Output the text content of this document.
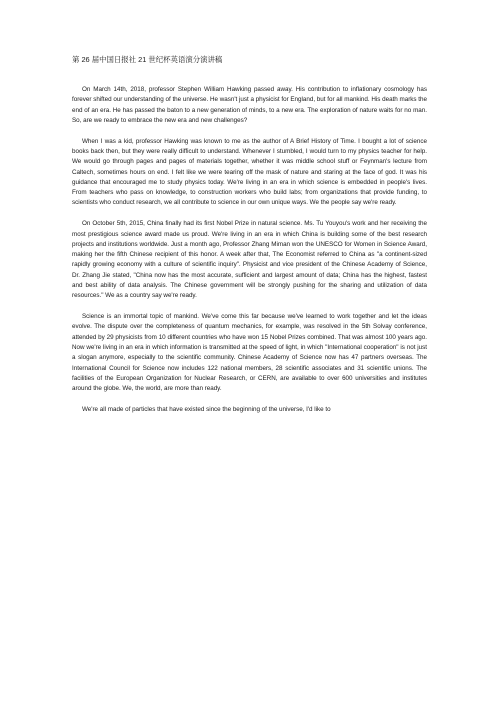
第 26 届中国日报社 21 世纪杯英语演分演讲稿

On March 14th, 2018, professor Stephen William Hawking passed away. His contribution to inflationary cosmology has forever shifted our understanding of the universe. He wasn't just a physicist for England, but for all mankind. His death marks the end of an era. He has passed the baton to a new generation of minds, to a new era. The exploration of nature waits for no man. So, are we ready to embrace the new era and new challenges?

When I was a kid, professor Hawking was known to me as the author of A Brief History of Time. I bought a lot of science books back then, but they were really difficult to understand. Whenever I stumbled, I would turn to my physics teacher for help. We would go through pages and pages of materials together, whether it was middle school stuff or Feynman's lecture from Caltech, sometimes hours on end. I felt like we were tearing off the mask of nature and staring at the face of god. It was his guidance that encouraged me to study physics today. We're living in an era in which science is embedded in people's lives. From teachers who pass on knowledge, to construction workers who build labs; from organizations that provide funding, to scientists who conduct research, we all contribute to science in our own unique ways. We the people say we're ready.

On October 5th, 2015, China finally had its first Nobel Prize in natural science. Ms. Tu Youyou's work and her receiving the most prestigious science award made us proud. We're living in an era in which China is building some of the best research projects and institutions worldwide. Just a month ago, Professor Zhang Miman won the UNESCO for Women in Science Award, making her the fifth Chinese recipient of this honor. A week after that, The Economist referred to China as "a continent-sized rapidly growing economy with a culture of scientific inquiry". Physicist and vice president of the Chinese Academy of Science, Dr. Zhang Jie stated, "China now has the most accurate, sufficient and largest amount of data; China has the highest, fastest and best ability of data analysis. The Chinese government will be strongly pushing for the sharing and utilization of data resources." We as a country say we're ready.

Science is an immortal topic of mankind. We've come this far because we've learned to work together and let the ideas evolve. The dispute over the completeness of quantum mechanics, for example, was resolved in the 5th Solvay conference, attended by 29 physicists from 10 different countries who have won 15 Nobel Prizes combined. That was almost 100 years ago. Now we're living in an era in which information is transmitted at the speed of light, in which "International cooperation" is not just a slogan anymore, especially to the scientific community. Chinese Academy of Science now has 47 partners overseas. The International Council for Science now includes 122 national members, 28 scientific associates and 31 scientific unions. The facilities of the European Organization for Nuclear Research, or CERN, are available to over 600 universities and institutes around the globe. We, the world, are more than ready.

We're all made of particles that have existed since the beginning of the universe, I'd like to
